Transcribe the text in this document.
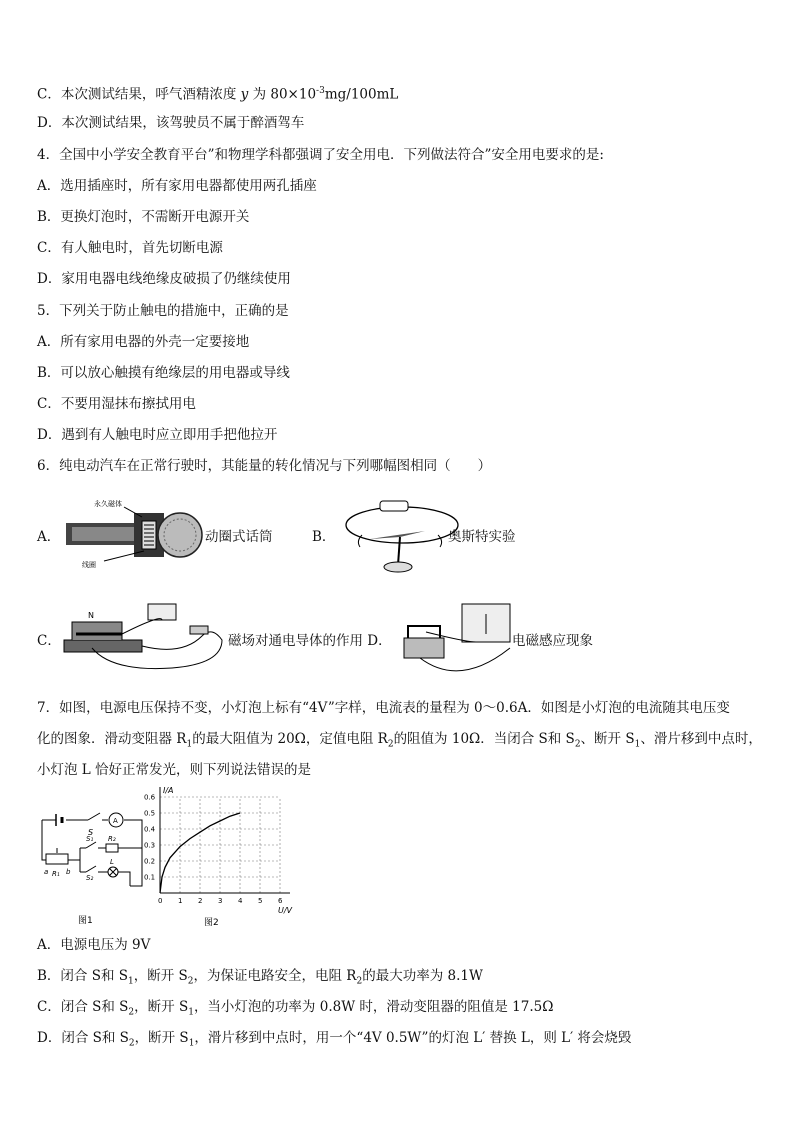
C．本次测试结果，呼气酒精浓度 y 为 $80\times 10^{-3}mg/100mL$
D．本次测试结果，该驾驶员不属于醉酒驾车
4．全国中小学安全教育平台”和物理学科都强调了安全用电．下列做法符合”安全用电要求的是:
A．选用插座时，所有家用电器都使用两孔插座
B．更换灯泡时，不需断开电源开关
C．有人触电时，首先切断电源
D．家用电器电线绝缘皮破损了仍继续使用
5．下列关于防止触电的措施中，正确的是
A．所有家用电器的外壳一定要接地
B．可以放心触摸有绝缘层的用电器或导线
C．不要用湿抹布擦拭用电
D．遇到有人触电时应立即用手把他拉开
6．纯电动汽车在正常行驶时，其能量的转化情况与下列哪幅图相同（　　）
A．
永久磁体
线圈
动圈式话筒	B．	奥斯特实验
C．
N
磁场对通电导体的作用 D．	电磁感应现象
7．如图，电源电压保持不变，小灯泡上标有“4V”字样，电流表的量程为 0～0.6A．如图是小灯泡的电流随其电压变
化的图象．滑动变阻器 $R_1$的最大阻值为 20Ω，定值电阻 $R_2$的阻值为 10Ω．当闭合 S和 $S_2$、断开 $S_1$、滑片移到中点时，
小灯泡 L 恰好正常发光，则下列说法错误的是
S
A
S₁ R₂
S₂
L
a R₁ b
图1
0 1 2 3 4 5 6
0.1
0.2
0.3
0.4
0.5
0.6
I/A
U/V
图2
A．电源电压为 9V
B．闭合 S和 $S_1$，断开 $S_2$，为保证电路安全，电阻 $R_2$的最大功率为 8.1W
C．闭合 S和 $S_2$，断开 $S_1$，当小灯泡的功率为 0.8W 时，滑动变阻器的阻值是 17.5Ω
D．闭合 S和 $S_2$，断开 $S_1$，滑片移到中点时，用一个“4V 0.5W”的灯泡 L′ 替换 L，则 L′ 将会烧毁
